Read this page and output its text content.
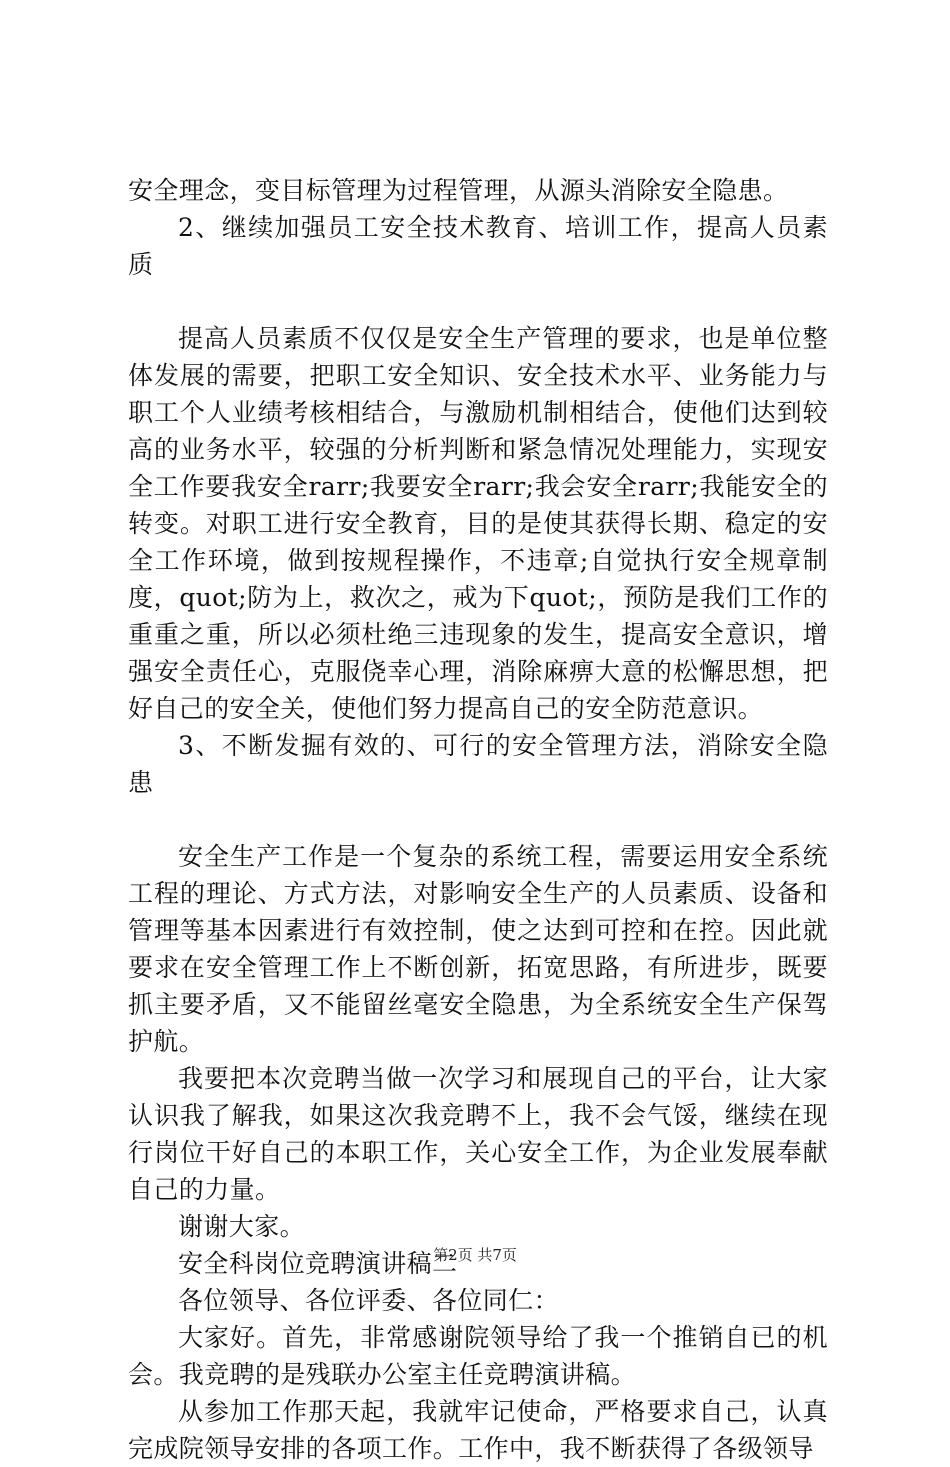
安全理念，变目标管理为过程管理，从源头消除安全隐患。

2、继续加强员工安全技术教育、培训工作，提高人员素质

提高人员素质不仅仅是安全生产管理的要求，也是单位整体发展的需要，把职工安全知识、安全技术水平、业务能力与职工个人业绩考核相结合，与激励机制相结合，使他们达到较高的业务水平，较强的分析判断和紧急情况处理能力，实现安全工作要我安全rarr;我要安全rarr;我会安全rarr;我能安全的转变。对职工进行安全教育，目的是使其获得长期、稳定的安全工作环境，做到按规程操作，不违章;自觉执行安全规章制度，quot;防为上，救次之，戒为下quot;，预防是我们工作的重重之重，所以必须杜绝三违现象的发生，提高安全意识，增强安全责任心，克服侥幸心理，消除麻痹大意的松懈思想，把好自己的安全关，使他们努力提高自己的安全防范意识。

3、不断发掘有效的、可行的安全管理方法，消除安全隐患

安全生产工作是一个复杂的系统工程，需要运用安全系统工程的理论、方式方法，对影响安全生产的人员素质、设备和管理等基本因素进行有效控制，使之达到可控和在控。因此就要求在安全管理工作上不断创新，拓宽思路，有所进步，既要抓主要矛盾，又不能留丝毫安全隐患，为全系统安全生产保驾护航。

我要把本次竞聘当做一次学习和展现自己的平台，让大家认识我了解我，如果这次我竞聘不上，我不会气馁，继续在现行岗位干好自己的本职工作，关心安全工作，为企业发展奉献自己的力量。

谢谢大家。

安全科岗位竞聘演讲稿二

各位领导、各位评委、各位同仁：

大家好。首先，非常感谢院领导给了我一个推销自已的机会。我竞聘的是残联办公室主任竞聘演讲稿。

从参加工作那天起，我就牢记使命，严格要求自己，认真完成院领导安排的各项工作。工作中，我不断获得了各级领导

第2页 共7页
